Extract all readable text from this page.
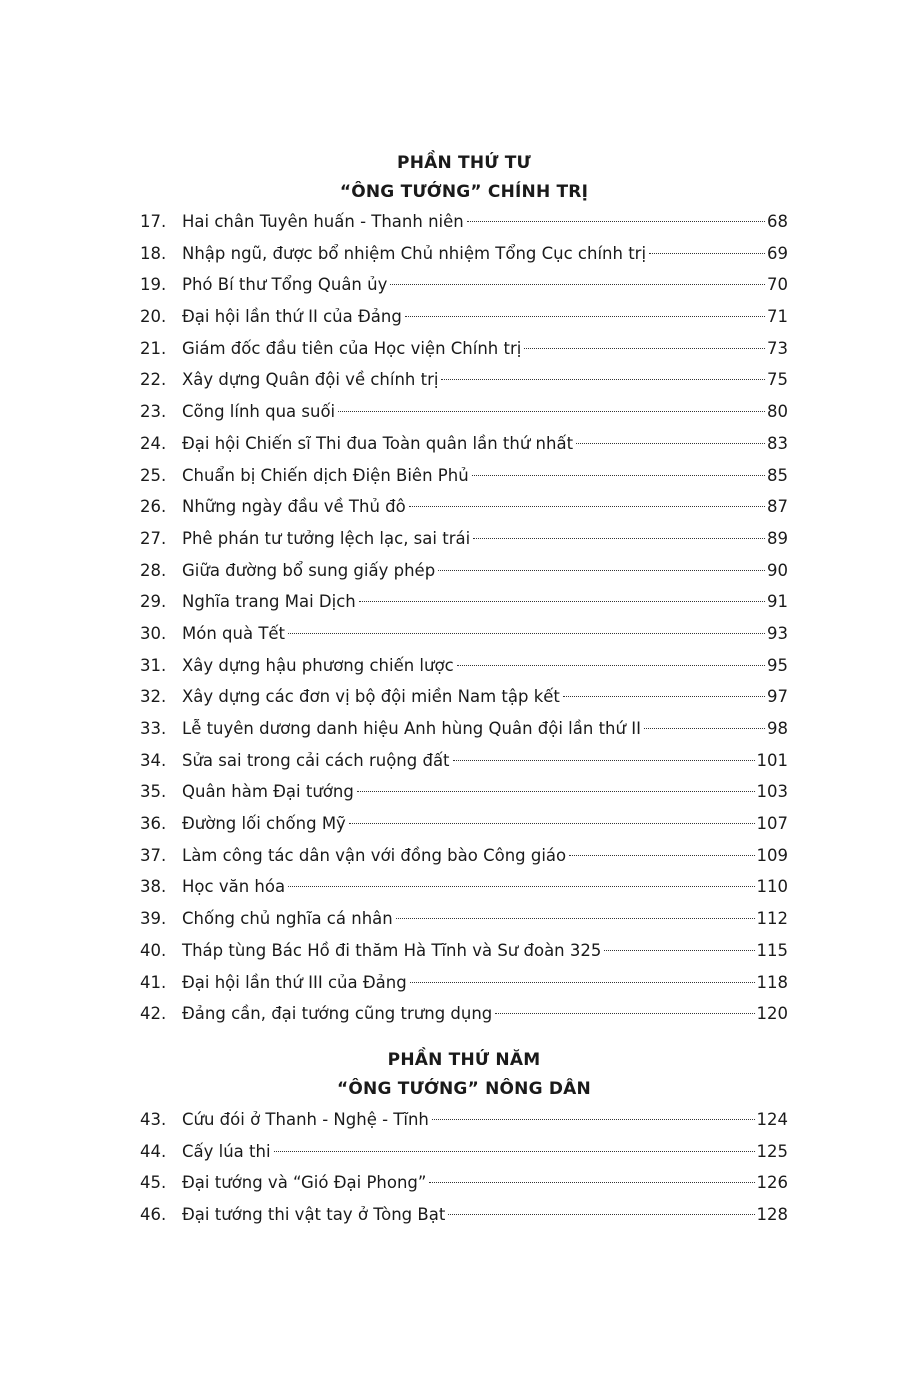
PHẦN THỨ TƯ
“ÔNG TƯỚNG” CHÍNH TRỊ
17. Hai chân Tuyên huấn - Thanh niên	68
18. Nhập ngũ, được bổ nhiệm Chủ nhiệm Tổng Cục chính trị	69
19. Phó Bí thư Tổng Quân ủy	70
20. Đại hội lần thứ II của Đảng	71
21. Giám đốc đầu tiên của Học viện Chính trị	73
22. Xây dựng Quân đội về chính trị	75
23. Cõng lính qua suối	80
24. Đại hội Chiến sĩ Thi đua Toàn quân lần thứ nhất	83
25. Chuẩn bị Chiến dịch Điện Biên Phủ	85
26. Những ngày đầu về Thủ đô	87
27. Phê phán tư tưởng lệch lạc, sai trái	89
28. Giữa đường bổ sung giấy phép	90
29. Nghĩa trang Mai Dịch	91
30. Món quà Tết	93
31. Xây dựng hậu phương chiến lược	95
32. Xây dựng các đơn vị bộ đội miền Nam tập kết	97
33. Lễ tuyên dương danh hiệu Anh hùng Quân đội lần thứ II	98
34. Sửa sai trong cải cách ruộng đất	101
35. Quân hàm Đại tướng	103
36. Đường lối chống Mỹ	107
37. Làm công tác dân vận với đồng bào Công giáo	109
38. Học văn hóa	110
39. Chống chủ nghĩa cá nhân	112
40. Tháp tùng Bác Hồ đi thăm Hà Tĩnh và Sư đoàn 325	115
41. Đại hội lần thứ III của Đảng	118
42. Đảng cần, đại tướng cũng trưng dụng	120
PHẦN THỨ NĂM
“ÔNG TƯỚNG” NÔNG DÂN
43. Cứu đói ở Thanh - Nghệ - Tĩnh	124
44. Cấy lúa thi	125
45. Đại tướng và “Gió Đại Phong”	126
46. Đại tướng thi vật tay ở Tòng Bạt	128
